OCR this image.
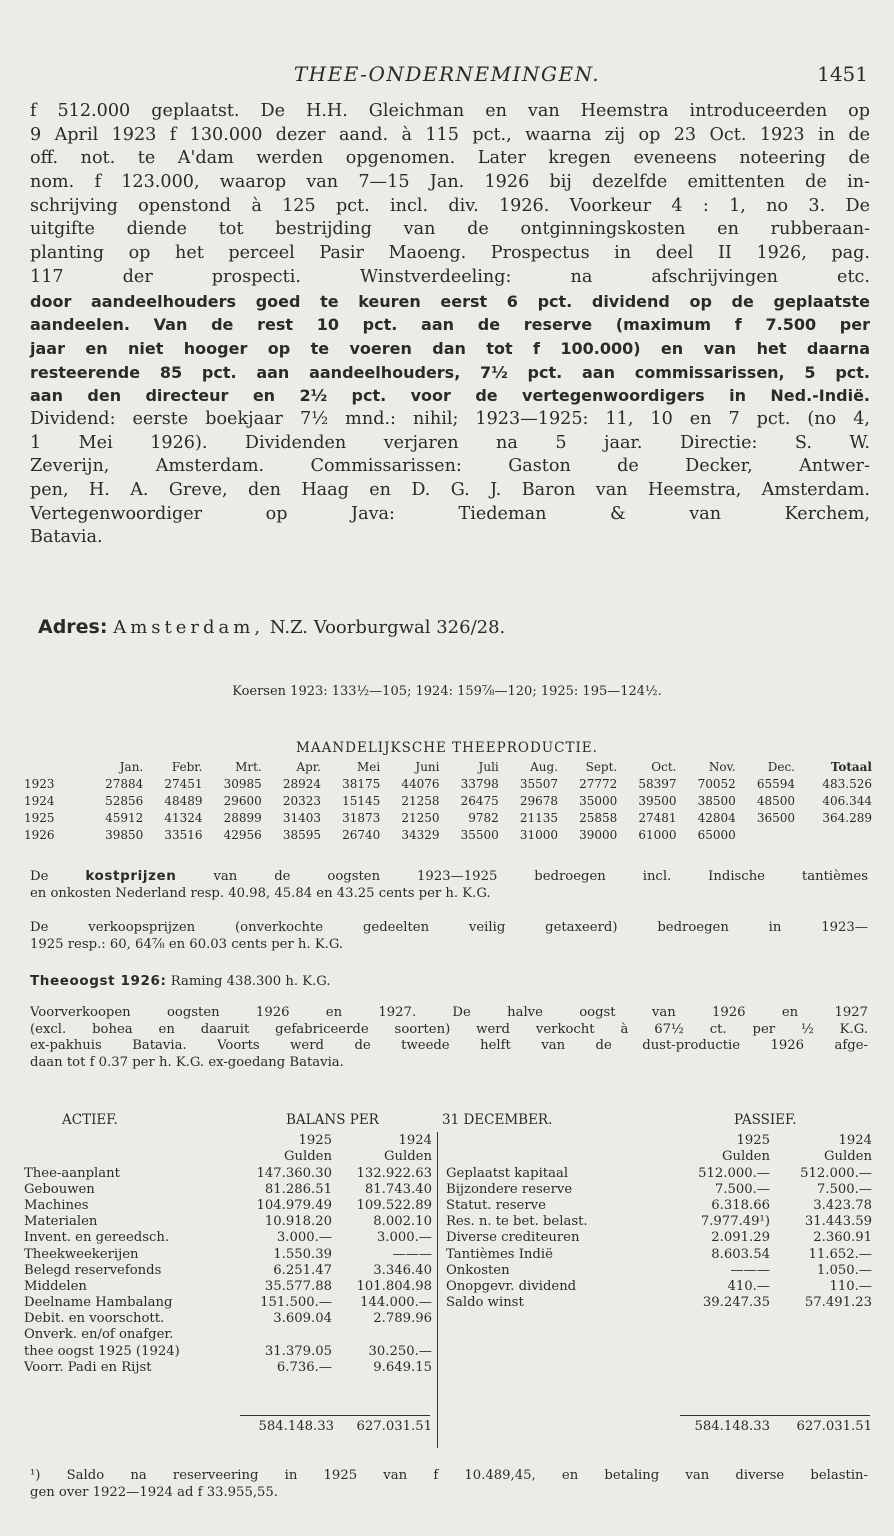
THEE-ONDERNEMINGEN.	1451
f 512.000 geplaatst. De H.H. Gleichman en van Heemstra introduceerden op
9 April 1923 f 130.000 dezer aand. à 115 pct., waarna zij op 23 Oct. 1923 in de
off. not. te A'dam werden opgenomen. Later kregen eveneens noteering de
nom. f 123.000, waarop van 7—15 Jan. 1926 bij dezelfde emittenten de in-
schrijving openstond à 125 pct. incl. div. 1926. Voorkeur 4 : 1, no 3. De
uitgifte diende tot bestrijding van de ontginningskosten en rubberaan-
planting op het perceel Pasir Maoeng. Prospectus in deel II 1926, pag.
117 der prospecti. Winstverdeeling: na afschrijvingen etc.
door aandeelhouders goed te keuren eerst 6 pct. dividend op de geplaatste
aandeelen. Van de rest 10 pct. aan de reserve (maximum f 7.500 per
jaar en niet hooger op te voeren dan tot f 100.000) en van het daarna
resteerende 85 pct. aan aandeelhouders, 7½ pct. aan commissarissen, 5 pct.
aan den directeur en 2½ pct. voor de vertegenwoordigers in Ned.-Indië.
Dividend: eerste boekjaar 7½ mnd.: nihil; 1923—1925: 11, 10 en 7 pct. (no 4,
1 Mei 1926). Dividenden verjaren na 5 jaar. Directie: S. W.
Zeverijn, Amsterdam. Commissarissen: Gaston de Decker, Antwer-
pen, H. A. Greve, den Haag en D. G. J. Baron van Heemstra, Amsterdam.
Vertegenwoordiger op Java: Tiedeman & van Kerchem,
Batavia.
Adres: Amsterdam, N.Z. Voorburgwal 326/28.
Koersen 1923: 133½—105; 1924: 159⅞—120; 1925: 195—124½.
MAANDELIJKSCHE THEEPRODUCTIE.
	Jan.	Febr.	Mrt.	Apr.	Mei	Juni	Juli	Aug.	Sept.	Oct.	Nov.	Dec.	Totaal
1923	27884	27451	30985	28924	38175	44076	33798	35507	27772	58397	70052	65594	483.526
1924	52856	48489	29600	20323	15145	21258	26475	29678	35000	39500	38500	48500	406.344
1925	45912	41324	28899	31403	31873	21250	9782	21135	25858	27481	42804	36500	364.289
1926	39850	33516	42956	38595	26740	34329	35500	31000	39000	61000	65000		
De kostprijzen van de oogsten 1923—1925 bedroegen incl. Indische tantièmes
en onkosten Nederland resp. 40.98, 45.84 en 43.25 cents per h. K.G.
De verkoopsprijzen (onverkochte gedeelten veilig getaxeerd) bedroegen in 1923—
1925 resp.: 60, 64⅞ en 60.03 cents per h. K.G.
Theeoogst 1926: Raming 438.300 h. K.G.
Voorverkoopen oogsten 1926 en 1927. De halve oogst van 1926 en 1927
(excl. bohea en daaruit gefabriceerde soorten) werd verkocht à 67½ ct. per ½ K.G.
ex-pakhuis Batavia. Voorts werd de tweede helft van de dust-productie 1926 afge-
daan tot f 0.37 per h. K.G. ex-goedang Batavia.
ACTIEF.	BALANS PER	31 DECEMBER.	PASSIEF.
	1925	1924
	Gulden	Gulden
Thee-aanplant	147.360.30	132.922.63
Gebouwen	81.286.51	81.743.40
Machines	104.979.49	109.522.89
Materialen	10.918.20	8.002.10
Invent. en gereedsch.	3.000.—	3.000.—
Theekweekerijen	1.550.39	———
Belegd reservefonds	6.251.47	3.346.40
Middelen	35.577.88	101.804.98
Deelname Hambalang	151.500.—	144.000.—
Debit. en voorschott.	3.609.04	2.789.96
Onverk. en/of onafger.		
thee oogst 1925 (1924)	31.379.05	30.250.—
Voorr. Padi en Rijst	6.736.—	9.649.15
	1925	1924
	Gulden	Gulden
Geplaatst kapitaal	512.000.—	512.000.—
Bijzondere reserve	7.500.—	7.500.—
Statut. reserve	6.318.66	3.423.78
Res. n. te bet. belast.	7.977.49¹)	31.443.59
Diverse crediteuren	2.091.29	2.360.91
Tantièmes Indië	8.603.54	11.652.—
Onkosten	———	1.050.—
Onopgevr. dividend	410.—	110.—
Saldo winst	39.247.35	57.491.23
584.148.33	627.031.51	584.148.33	627.031.51
¹) Saldo na reserveering in 1925 van f 10.489,45, en betaling van diverse belastin-
gen over 1922—1924 ad f 33.955,55.
